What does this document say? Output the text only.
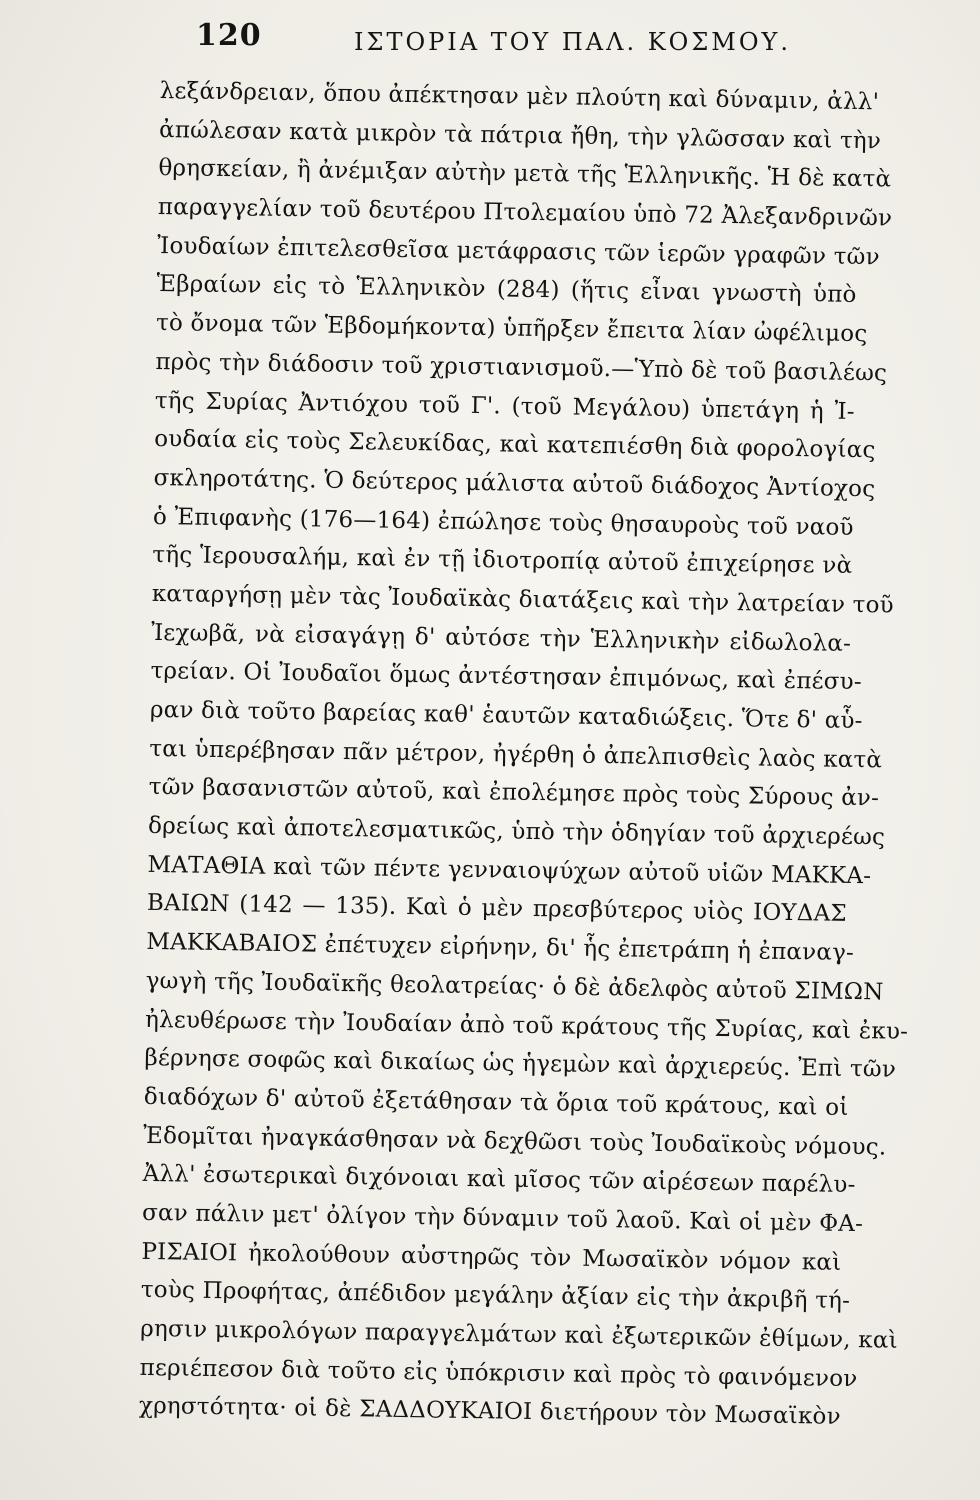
120	ΙΣΤΟΡΙΑ ΤΟΥ ΠΑΛ. ΚΟΣΜΟΥ.
λεξάνδρειαν, ὅπου ἀπέκτησαν μὲν πλούτη καὶ δύναμιν, ἀλλ'
ἀπώλεσαν κατὰ μικρὸν τὰ πάτρια ἤθη, τὴν γλῶσσαν καὶ τὴν
θρησκείαν, ἢ ἀνέμιξαν αὐτὴν μετὰ τῆς Ἑλληνικῆς. Ἡ δὲ κατὰ
παραγγελίαν τοῦ δευτέρου Πτολεμαίου ὑπὸ 72 Ἀλεξανδρινῶν
Ἰουδαίων ἐπιτελεσθεῖσα μετάφρασις τῶν ἱερῶν γραφῶν τῶν
Ἑβραίων εἰς τὸ Ἑλληνικὸν (284) (ἥτις εἶναι γνωστὴ ὑπὸ
τὸ ὄνομα τῶν Ἑβδομήκοντα) ὑπῆρξεν ἔπειτα λίαν ὠφέλιμος
πρὸς τὴν διάδοσιν τοῦ χριστιανισμοῦ.—Ὑπὸ δὲ τοῦ βασιλέως
τῆς Συρίας Ἀντιόχου τοῦ Γ'. (τοῦ Μεγάλου) ὑπετάγη ἡ Ἰ-
ουδαία εἰς τοὺς Σελευκίδας, καὶ κατεπιέσθη διὰ φορολογίας
σκληροτάτης. Ὁ δεύτερος μάλιστα αὐτοῦ διάδοχος Ἀντίοχος
ὁ Ἐπιφανὴς (176—164) ἐπώλησε τοὺς θησαυροὺς τοῦ ναοῦ
τῆς Ἱερουσαλήμ, καὶ ἐν τῇ ἰδιοτροπίᾳ αὐτοῦ ἐπιχείρησε νὰ
καταργήσῃ μὲν τὰς Ἰουδαϊκὰς διατάξεις καὶ τὴν λατρείαν τοῦ
Ἰεχωβᾶ, νὰ εἰσαγάγῃ δ' αὐτόσε τὴν Ἑλληνικὴν εἰδωλολα-
τρείαν. Οἱ Ἰουδαῖοι ὅμως ἀντέστησαν ἐπιμόνως, καὶ ἐπέσυ-
ραν διὰ τοῦτο βαρείας καθ' ἑαυτῶν καταδιώξεις. Ὅτε δ' αὗ-
ται ὑπερέβησαν πᾶν μέτρον, ἠγέρθη ὁ ἀπελπισθεὶς λαὸς κατὰ
τῶν βασανιστῶν αὐτοῦ, καὶ ἐπολέμησε πρὸς τοὺς Σύρους ἀν-
δρείως καὶ ἀποτελεσματικῶς, ὑπὸ τὴν ὁδηγίαν τοῦ ἀρχιερέως
ΜΑΤΑΘΙΑ καὶ τῶν πέντε γενναιοψύχων αὐτοῦ υἱῶν ΜΑΚΚΑ-
ΒΑΙΩΝ (142 — 135). Καὶ ὁ μὲν πρεσβύτερος υἱὸς ΙΟΥΔΑΣ
ΜΑΚΚΑΒΑΙΟΣ ἐπέτυχεν εἰρήνην, δι' ἧς ἐπετράπη ἡ ἐπαναγ-
γωγὴ τῆς Ἰουδαϊκῆς θεολατρείας· ὁ δὲ ἀδελφὸς αὐτοῦ ΣΙΜΩΝ
ἠλευθέρωσε τὴν Ἰουδαίαν ἀπὸ τοῦ κράτους τῆς Συρίας, καὶ ἐκυ-
βέρνησε σοφῶς καὶ δικαίως ὡς ἡγεμὼν καὶ ἀρχιερεύς. Ἐπὶ τῶν
διαδόχων δ' αὐτοῦ ἐξετάθησαν τὰ ὅρια τοῦ κράτους, καὶ οἱ
Ἐδομῖται ἠναγκάσθησαν νὰ δεχθῶσι τοὺς Ἰουδαϊκοὺς νόμους.
Ἀλλ' ἐσωτερικαὶ διχόνοιαι καὶ μῖσος τῶν αἱρέσεων παρέλυ-
σαν πάλιν μετ' ὀλίγον τὴν δύναμιν τοῦ λαοῦ. Καὶ οἱ μὲν ΦΑ-
ΡΙΣΑΙΟΙ ἠκολούθουν αὐστηρῶς τὸν Μωσαϊκὸν νόμον καὶ
τοὺς Προφήτας, ἀπέδιδον μεγάλην ἀξίαν εἰς τὴν ἀκριβῆ τή-
ρησιν μικρολόγων παραγγελμάτων καὶ ἐξωτερικῶν ἐθίμων, καὶ
περιέπεσον διὰ τοῦτο εἰς ὑπόκρισιν καὶ πρὸς τὸ φαινόμενον
χρηστότητα· οἱ δὲ ΣΑΔΔΟΥΚΑΙΟΙ διετήρουν τὸν Μωσαϊκὸν
